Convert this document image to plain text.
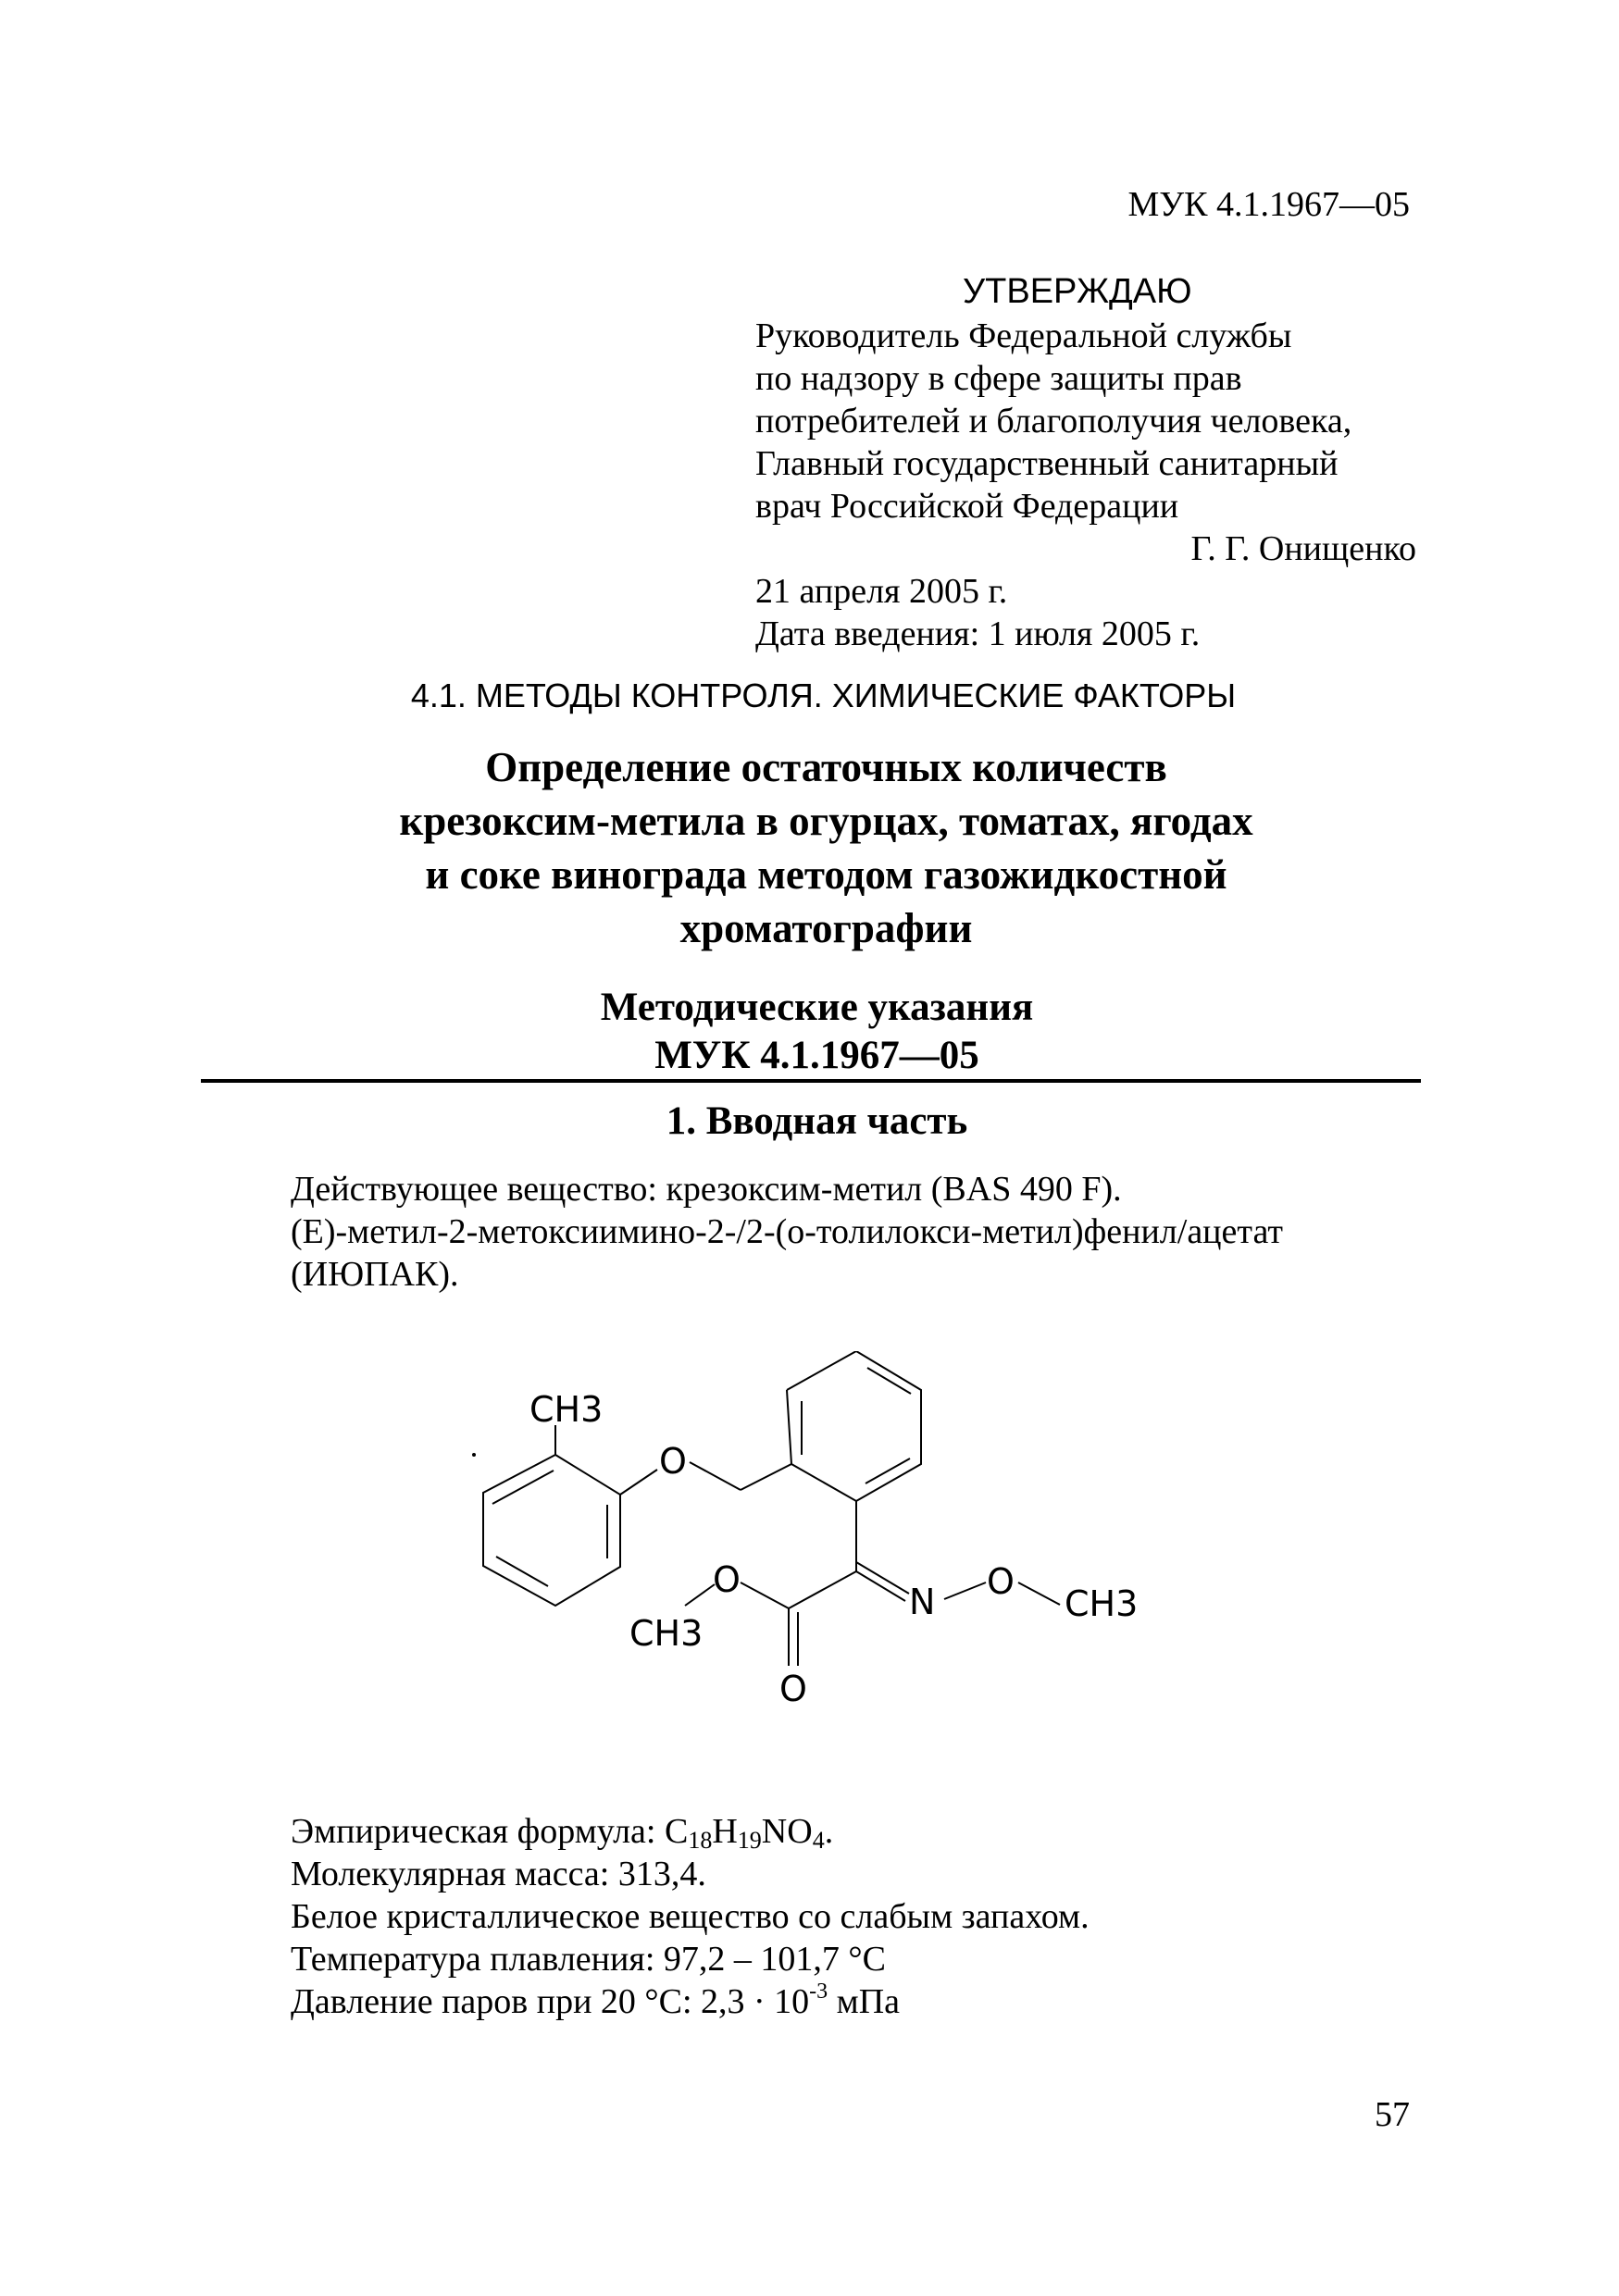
МУК 4.1.1967—05
УТВЕРЖДАЮ
Руководитель Федеральной службы
по надзору в сфере защиты прав
потребителей и благополучия человека,
Главный государственный санитарный
врач Российской Федерации
Г. Г. Онищенко
21 апреля 2005 г.
Дата введения: 1 июля 2005 г.
4.1. МЕТОДЫ КОНТРОЛЯ. ХИМИЧЕСКИЕ ФАКТОРЫ
Определение остаточных количеств
крезоксим-метила в огурцах, томатах, ягодах
и соке винограда методом газожидкостной
хроматографии
Методические указания
МУК 4.1.1967—05
1. Вводная часть
Действующее вещество: крезоксим-метил (BAS 490 F).
(Е)-метил-2-метоксиимино-2-/2-(о-толилокси-метил)фенил/ацетат
(ИЮПАК).
CH3
O
O
CH3
O
N O
CH3
Эмпирическая формула: $C_{18}H_{19}NO_4$.
Молекулярная масса: 313,4.
Белое кристаллическое вещество со слабым запахом.
Температура плавления: 97,2 – 101,7 °С
Давление паров при 20 °С: $2,3 \cdot 10^{-3}$ мПа
57
